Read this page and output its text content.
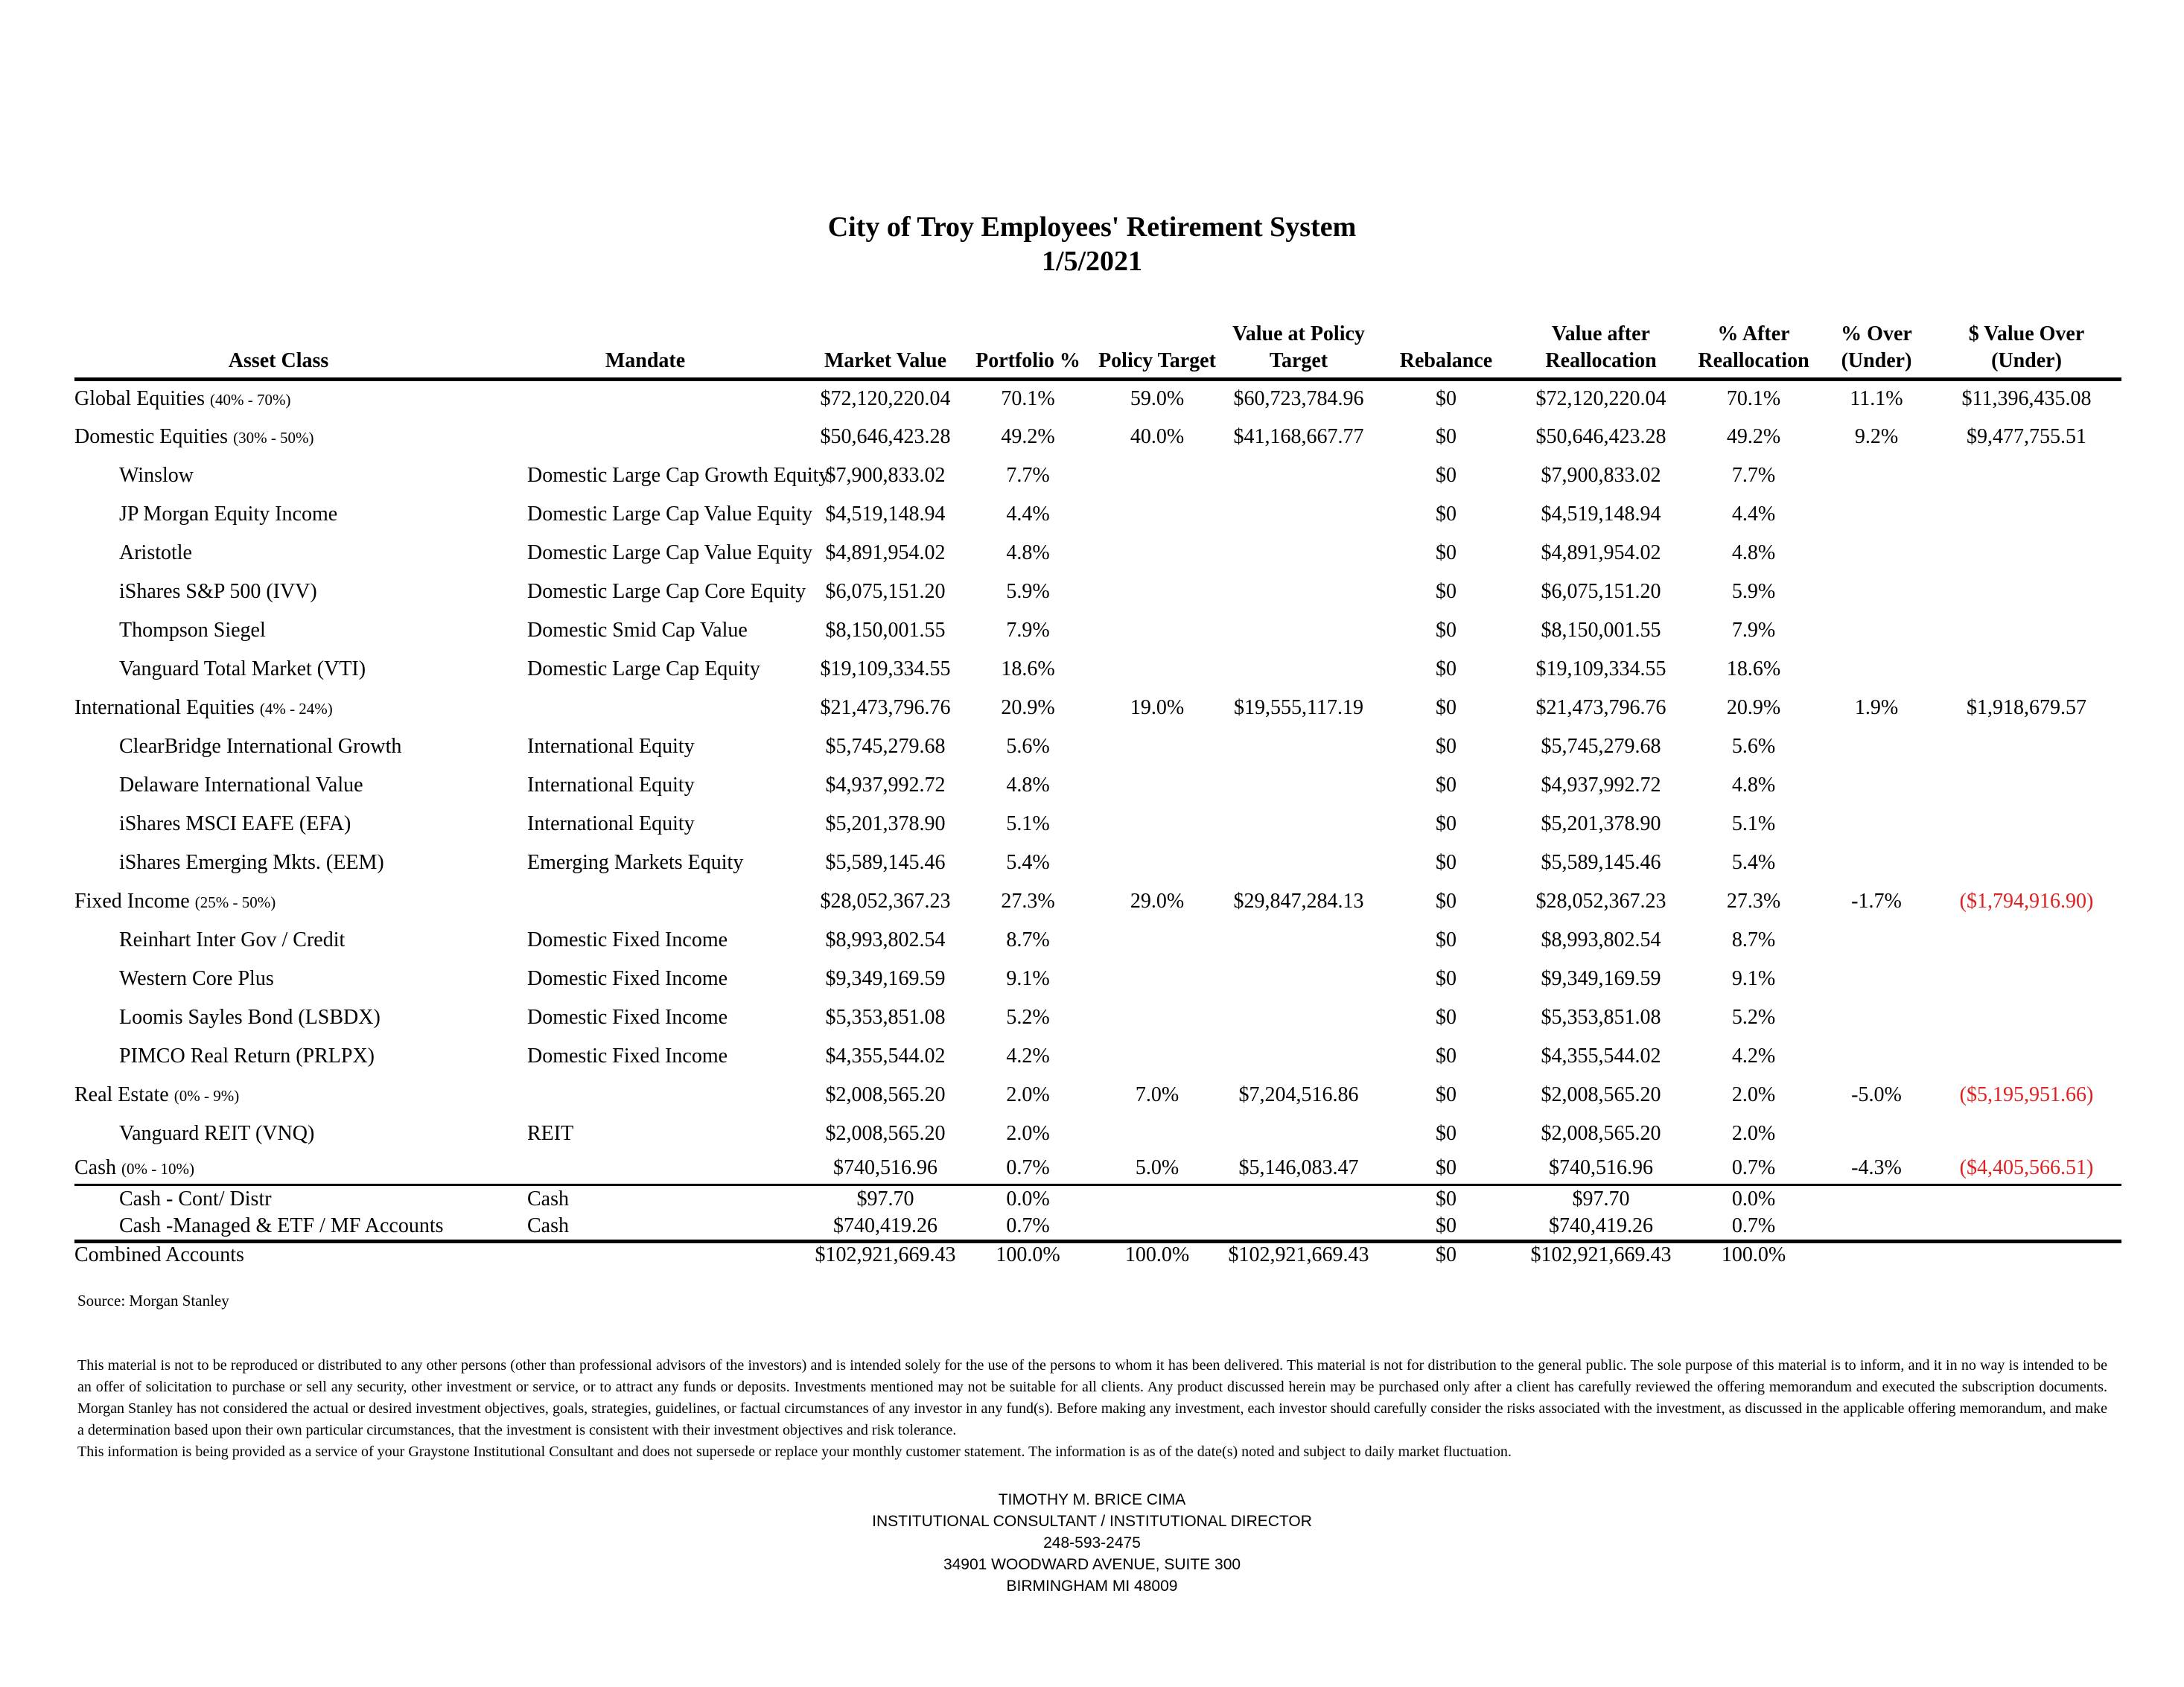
City of Troy Employees' Retirement System
1/5/2021
Asset Class	Mandate	Market Value	Portfolio %	Policy Target	Value at Policy Target	Rebalance	Value after Reallocation	% After Reallocation	% Over (Under)	$ Value Over (Under)
Global Equities (40% - 70%)		$72,120,220.04	70.1%	59.0%	$60,723,784.96	$0	$72,120,220.04	70.1%	11.1%	$11,396,435.08
Domestic Equities (30% - 50%)		$50,646,423.28	49.2%	40.0%	$41,168,667.77	$0	$50,646,423.28	49.2%	9.2%	$9,477,755.51
Winslow	Domestic Large Cap Growth Equity	$7,900,833.02	7.7%			$0	$7,900,833.02	7.7%		
JP Morgan Equity Income	Domestic Large Cap Value Equity	$4,519,148.94	4.4%			$0	$4,519,148.94	4.4%		
Aristotle	Domestic Large Cap Value Equity	$4,891,954.02	4.8%			$0	$4,891,954.02	4.8%		
iShares S&P 500 (IVV)	Domestic Large Cap Core Equity	$6,075,151.20	5.9%			$0	$6,075,151.20	5.9%		
Thompson Siegel	Domestic Smid Cap Value	$8,150,001.55	7.9%			$0	$8,150,001.55	7.9%		
Vanguard Total Market (VTI)	Domestic Large Cap Equity	$19,109,334.55	18.6%			$0	$19,109,334.55	18.6%		
International Equities (4% - 24%)		$21,473,796.76	20.9%	19.0%	$19,555,117.19	$0	$21,473,796.76	20.9%	1.9%	$1,918,679.57
ClearBridge International Growth	International Equity	$5,745,279.68	5.6%			$0	$5,745,279.68	5.6%		
Delaware International Value	International Equity	$4,937,992.72	4.8%			$0	$4,937,992.72	4.8%		
iShares MSCI EAFE (EFA)	International Equity	$5,201,378.90	5.1%			$0	$5,201,378.90	5.1%		
iShares Emerging Mkts. (EEM)	Emerging Markets Equity	$5,589,145.46	5.4%			$0	$5,589,145.46	5.4%		
Fixed Income (25% - 50%)		$28,052,367.23	27.3%	29.0%	$29,847,284.13	$0	$28,052,367.23	27.3%	-1.7%	($1,794,916.90)
Reinhart Inter Gov / Credit	Domestic Fixed Income	$8,993,802.54	8.7%			$0	$8,993,802.54	8.7%		
Western Core Plus	Domestic Fixed Income	$9,349,169.59	9.1%			$0	$9,349,169.59	9.1%		
Loomis Sayles Bond (LSBDX)	Domestic Fixed Income	$5,353,851.08	5.2%			$0	$5,353,851.08	5.2%		
PIMCO Real Return (PRLPX)	Domestic Fixed Income	$4,355,544.02	4.2%			$0	$4,355,544.02	4.2%		
Real Estate (0% - 9%)		$2,008,565.20	2.0%	7.0%	$7,204,516.86	$0	$2,008,565.20	2.0%	-5.0%	($5,195,951.66)
Vanguard REIT (VNQ)	REIT	$2,008,565.20	2.0%			$0	$2,008,565.20	2.0%		
Cash (0% - 10%)		$740,516.96	0.7%	5.0%	$5,146,083.47	$0	$740,516.96	0.7%	-4.3%	($4,405,566.51)
Cash - Cont/ Distr	Cash	$97.70	0.0%			$0	$97.70	0.0%		
Cash -Managed & ETF / MF Accounts	Cash	$740,419.26	0.7%			$0	$740,419.26	0.7%		
Combined Accounts		$102,921,669.43	100.0%	100.0%	$102,921,669.43	$0	$102,921,669.43	100.0%		
Source: Morgan Stanley

This material is not to be reproduced or distributed to any other persons (other than professional advisors of the investors) and is intended solely for the use of the persons to whom it has been delivered. This material is not for distribution to the general public. The sole purpose of this material is to inform, and it in no way is intended to be an offer of solicitation to purchase or sell any security, other investment or service, or to attract any funds or deposits. Investments mentioned may not be suitable for all clients. Any product discussed herein may be purchased only after a client has carefully reviewed the offering memorandum and executed the subscription documents. Morgan Stanley has not considered the actual or desired investment objectives, goals, strategies, guidelines, or factual circumstances of any investor in any fund(s). Before making any investment, each investor should carefully consider the risks associated with the investment, as discussed in the applicable offering memorandum, and make a determination based upon their own particular circumstances, that the investment is consistent with their investment objectives and risk tolerance.

This information is being provided as a service of your Graystone Institutional Consultant and does not supersede or replace your monthly customer statement. The information is as of the date(s) noted and subject to daily market fluctuation.

TIMOTHY M. BRICE CIMA
INSTITUTIONAL CONSULTANT / INSTITUTIONAL DIRECTOR
248-593-2475
34901 WOODWARD AVENUE, SUITE 300
BIRMINGHAM MI 48009
